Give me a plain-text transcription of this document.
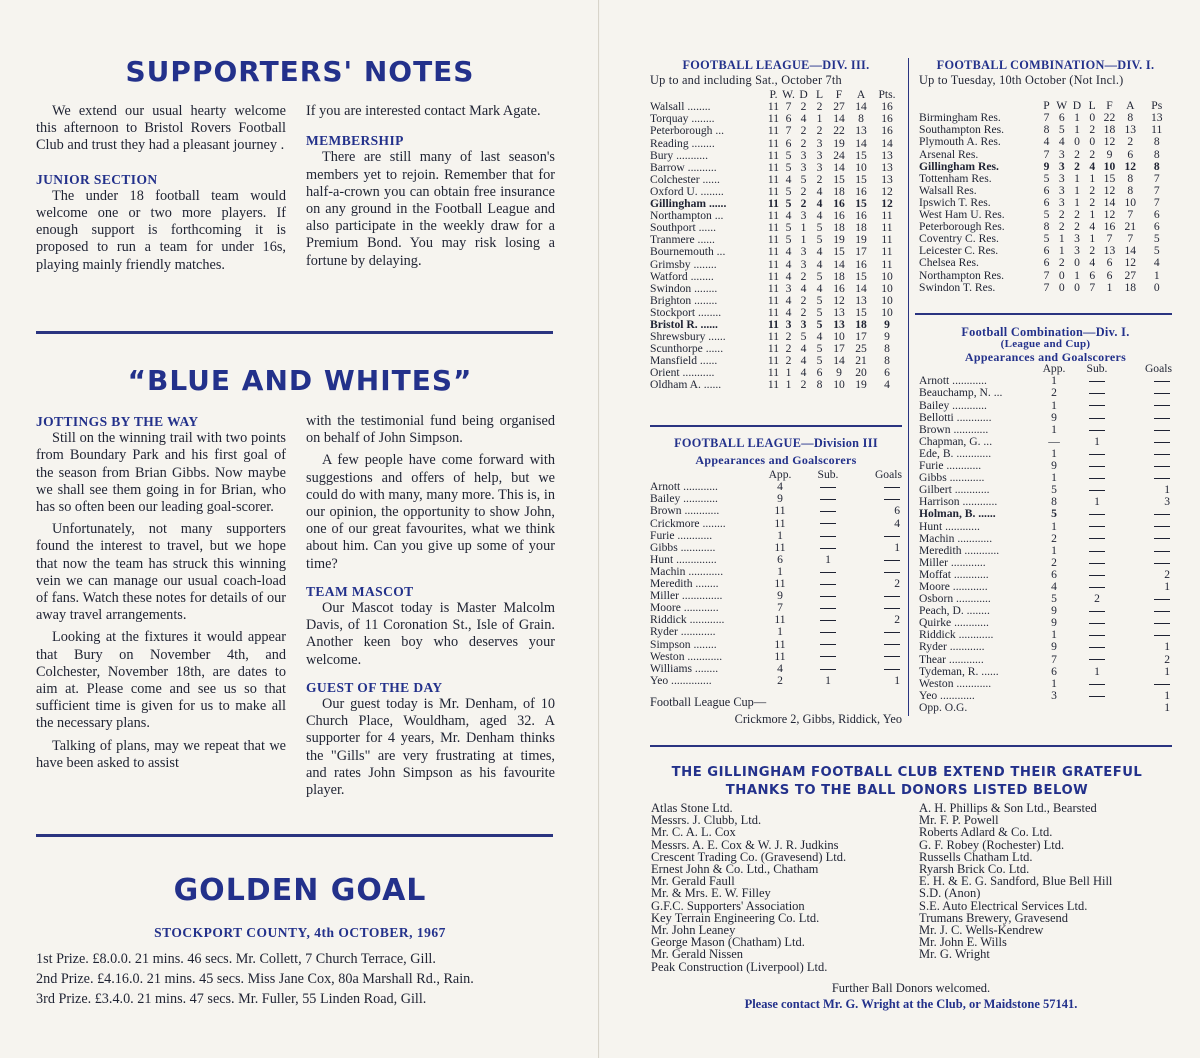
SUPPORTERS' NOTES

We extend our usual hearty welcome this afternoon to Bristol Rovers Football Club and trust they had a pleasant journey .

JUNIOR SECTION

The under 18 football team would welcome one or two more players. If enough support is forthcoming it is proposed to run a team for under 16s, playing mainly friendly matches.

If you are interested contact Mark Agate.

MEMBERSHIP

There are still many of last season's members yet to rejoin. Remember that for half-a-crown you can obtain free insurance on any ground in the Football League and also participate in the weekly draw for a Premium Bond. You may risk losing a fortune by delaying.

“BLUE AND WHITES”

JOTTINGS BY THE WAY

Still on the winning trail with two points from Boundary Park and his first goal of the season from Brian Gibbs. Now maybe we shall see them going in for Brian, who has so often been our leading goal-scorer.

Unfortunately, not many supporters found the interest to travel, but we hope that now the team has struck this winning vein we can manage our usual coach-load of fans. Watch these notes for details of our away travel arrangements.

Looking at the fixtures it would appear that Bury on November 4th, and Colchester, November 18th, are dates to aim at. Please come and see us so that sufficient time is given for us to make all the necessary plans.

Talking of plans, may we repeat that we have been asked to assist

with the testimonial fund being organised on behalf of John Simpson.

A few people have come forward with suggestions and offers of help, but we could do with many, many more. This is, in our opinion, the opportunity to show John, one of our great favourites, what we think about him. Can you give up some of your time?

TEAM MASCOT

Our Mascot today is Master Malcolm Davis, of 11 Coronation St., Isle of Grain. Another keen boy who deserves your welcome.

GUEST OF THE DAY

Our guest today is Mr. Denham, of 10 Church Place, Wouldham, aged 32. A supporter for 4 years, Mr. Denham thinks the "Gills" are very frustrating at times, and rates John Simpson as his favourite player.

GOLDEN GOAL
STOCKPORT COUNTY, 4th OCTOBER, 1967
1st Prize. £8.0.0. 21 mins. 46 secs. Mr. Collett, 7 Church Terrace, Gill.
2nd Prize. £4.16.0. 21 mins. 45 secs. Miss Jane Cox, 80a Marshall Rd., Rain.
3rd Prize. £3.4.0. 21 mins. 47 secs. Mr. Fuller, 55 Linden Road, Gill.
FOOTBALL LEAGUE—DIV. III.
Up to and including Sat., October 7th
	P.	W.	D	L	F	A	Pts.
Walsall ........	11	7	2	2	27	14	16
Torquay ........	11	6	4	1	14	8	16
Peterborough ...	11	7	2	2	22	13	16
Reading ........	11	6	2	3	19	14	14
Bury ...........	11	5	3	3	24	15	13
Barrow ..........	11	5	3	3	14	10	13
Colchester ......	11	4	5	2	15	15	13
Oxford U. ........	11	5	2	4	18	16	12
Gillingham ......	11	5	2	4	16	15	12
Northampton ...	11	4	3	4	16	16	11
Southport ......	11	5	1	5	18	18	11
Tranmere ......	11	5	1	5	19	19	11
Bournemouth ...	11	4	3	4	15	17	11
Grimsby ........	11	4	3	4	14	16	11
Watford ........	11	4	2	5	18	15	10
Swindon ........	11	3	4	4	16	14	10
Brighton ........	11	4	2	5	12	13	10
Stockport ........	11	4	2	5	13	15	10
Bristol R. ......	11	3	3	5	13	18	9
Shrewsbury ......	11	2	5	4	10	17	9
Scunthorpe ......	11	2	4	5	17	25	8
Mansfield ......	11	2	4	5	14	21	8
Orient ...........	11	1	4	6	9	20	6
Oldham A. ......	11	1	2	8	10	19	4
FOOTBALL COMBINATION—DIV. I.
Up to Tuesday, 10th October (Not Incl.)
	P	W	D	L	F	A	Ps
Birmingham Res.	7	6	1	0	22	8	13
Southampton Res.	8	5	1	2	18	13	11
Plymouth A. Res.	4	4	0	0	12	2	8
Arsenal Res.	7	3	2	2	9	6	8
Gillingham Res.	9	3	2	4	10	12	8
Tottenham Res.	5	3	1	1	15	8	7
Walsall Res.	6	3	1	2	12	8	7
Ipswich T. Res.	6	3	1	2	14	10	7
West Ham U. Res.	5	2	2	1	12	7	6
Peterborough Res.	8	2	2	4	16	21	6
Coventry C. Res.	5	1	3	1	7	7	5
Leicester C. Res.	6	1	3	2	13	14	5
Chelsea Res.	6	2	0	4	6	12	4
Northampton Res.	7	0	1	6	6	27	1
Swindon T. Res.	7	0	0	7	1	18	0
Football Combination—Div. I.
(League and Cup)
Appearances and Goalscorers
	App.	Sub.	Goals
Arnott ............	1		
Beauchamp, N. ...	2		
Bailey ............	1		
Bellotti ............	9		
Brown ............	1		
Chapman, G. ...	—	1	
Ede, B. ............	1		
Furie ............	9		
Gibbs ............	1		
Gilbert ............	5		1
Harrison ............	8	1	3
Holman, B. ......	5		
Hunt ............	1		
Machin ............	2		
Meredith ............	1		
Miller ............	2		
Moffat ............	6		2
Moore ............	4		1
Osborn ............	5	2	
Peach, D. ........	9		
Quirke ............	9		
Riddick ............	1		
Ryder ............	9		1
Thear ............	7		2
Tydeman, R. ......	6	1	1
Weston ............	1		
Yeo ............	3		1
Opp. O.G.			1
FOOTBALL LEAGUE—Division III
Appearances and Goalscorers
	App.	Sub.	Goals
Arnott ............	4		
Bailey ............	9		
Brown ............	11		6
Crickmore ........	11		4
Furie ............	1		
Gibbs ............	11		1
Hunt ..............	6	1	
Machin ............	1		
Meredith ........	11		2
Miller ..............	9		
Moore ............	7		
Riddick ............	11		2
Ryder ............	1		
Simpson ........	11		
Weston ............	11		
Williams ........	4		
Yeo ..............	2	1	1
Football League Cup—
Crickmore 2, Gibbs, Riddick, Yeo
THE GILLINGHAM FOOTBALL CLUB EXTEND THEIR GRATEFUL
THANKS TO THE BALL DONORS LISTED BELOW
Atlas Stone Ltd.
Messrs. J. Clubb, Ltd.
Mr. C. A. L. Cox
Messrs. A. E. Cox & W. J. R. Judkins
Crescent Trading Co. (Gravesend) Ltd.
Ernest John & Co. Ltd., Chatham
Mr. Gerald Faull
Mr. & Mrs. E. W. Filley
G.F.C. Supporters' Association
Key Terrain Engineering Co. Ltd.
Mr. John Leaney
George Mason (Chatham) Ltd.
Mr. Gerald Nissen
Peak Construction (Liverpool) Ltd.
A. H. Phillips & Son Ltd., Bearsted
Mr. F. P. Powell
Roberts Adlard & Co. Ltd.
G. F. Robey (Rochester) Ltd.
Russells Chatham Ltd.
Ryarsh Brick Co. Ltd.
E. H. & E. G. Sandford, Blue Bell Hill
S.D. (Anon)
S.E. Auto Electrical Services Ltd.
Trumans Brewery, Gravesend
Mr. J. C. Wells-Kendrew
Mr. John E. Wills
Mr. G. Wright
Further Ball Donors welcomed.
Please contact Mr. G. Wright at the Club, or Maidstone 57141.
